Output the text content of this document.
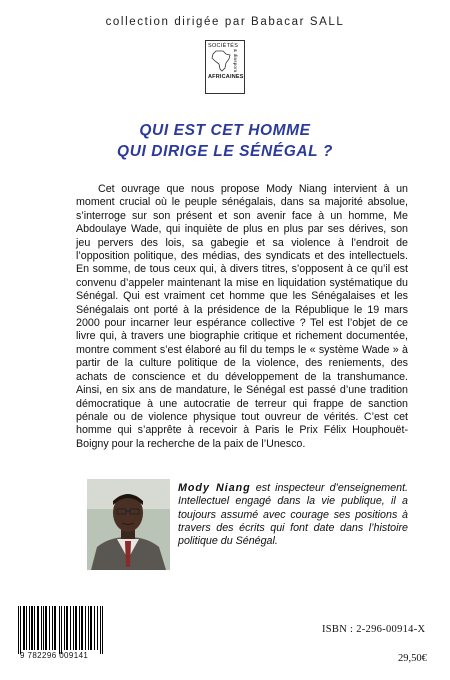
collection dirigée par Babacar SALL
SOCIÉTÉS
& diaspora
AFRICAINES
QUI EST CET HOMME
QUI DIRIGE LE SÉNÉGAL ?

Cet ouvrage que nous propose Mody Niang intervient à un moment crucial où le peuple sénégalais, dans sa majorité absolue, s’interroge sur son présent et son avenir face à un homme, Me Abdoulaye Wade, qui inquiète de plus en plus par ses dérives, son jeu pervers des lois, sa gabegie et sa violence à l’endroit de l’opposition politique, des médias, des syndicats et des intellectuels. En somme, de tous ceux qui, à divers titres, s’opposent à ce qu’il est convenu d’appeler maintenant la mise en liquidation systématique du Sénégal. Qui est vraiment cet homme que les Sénégalaises et les Sénégalais ont porté à la présidence de la République le 19 mars 2000 pour incarner leur espérance collective ? Tel est l’objet de ce livre qui, à travers une biographie critique et richement documentée, montre comment s’est élaboré au fil du temps le « système Wade » à partir de la culture politique de la violence, des reniements, des achats de conscience et du développement de la transhumance. Ainsi, en six ans de mandature, le Sénégal est passé d’une tradition démocratique à une autocratie de terreur qui frappe de sanction pénale ou de violence physique tout ouvreur de vérités. C’est cet homme qui s’apprête à recevoir à Paris le Prix Félix Houphouët-Boigny pour la recherche de la paix de l’Unesco.

Mody Niang est inspecteur d’enseignement. Intellectuel engagé dans la vie publique, il a toujours assumé avec courage ses positions à travers des écrits qui font date dans l’histoire politique du Sénégal.

9 782296 009141
ISBN : 2-296-00914-X
29,50€
